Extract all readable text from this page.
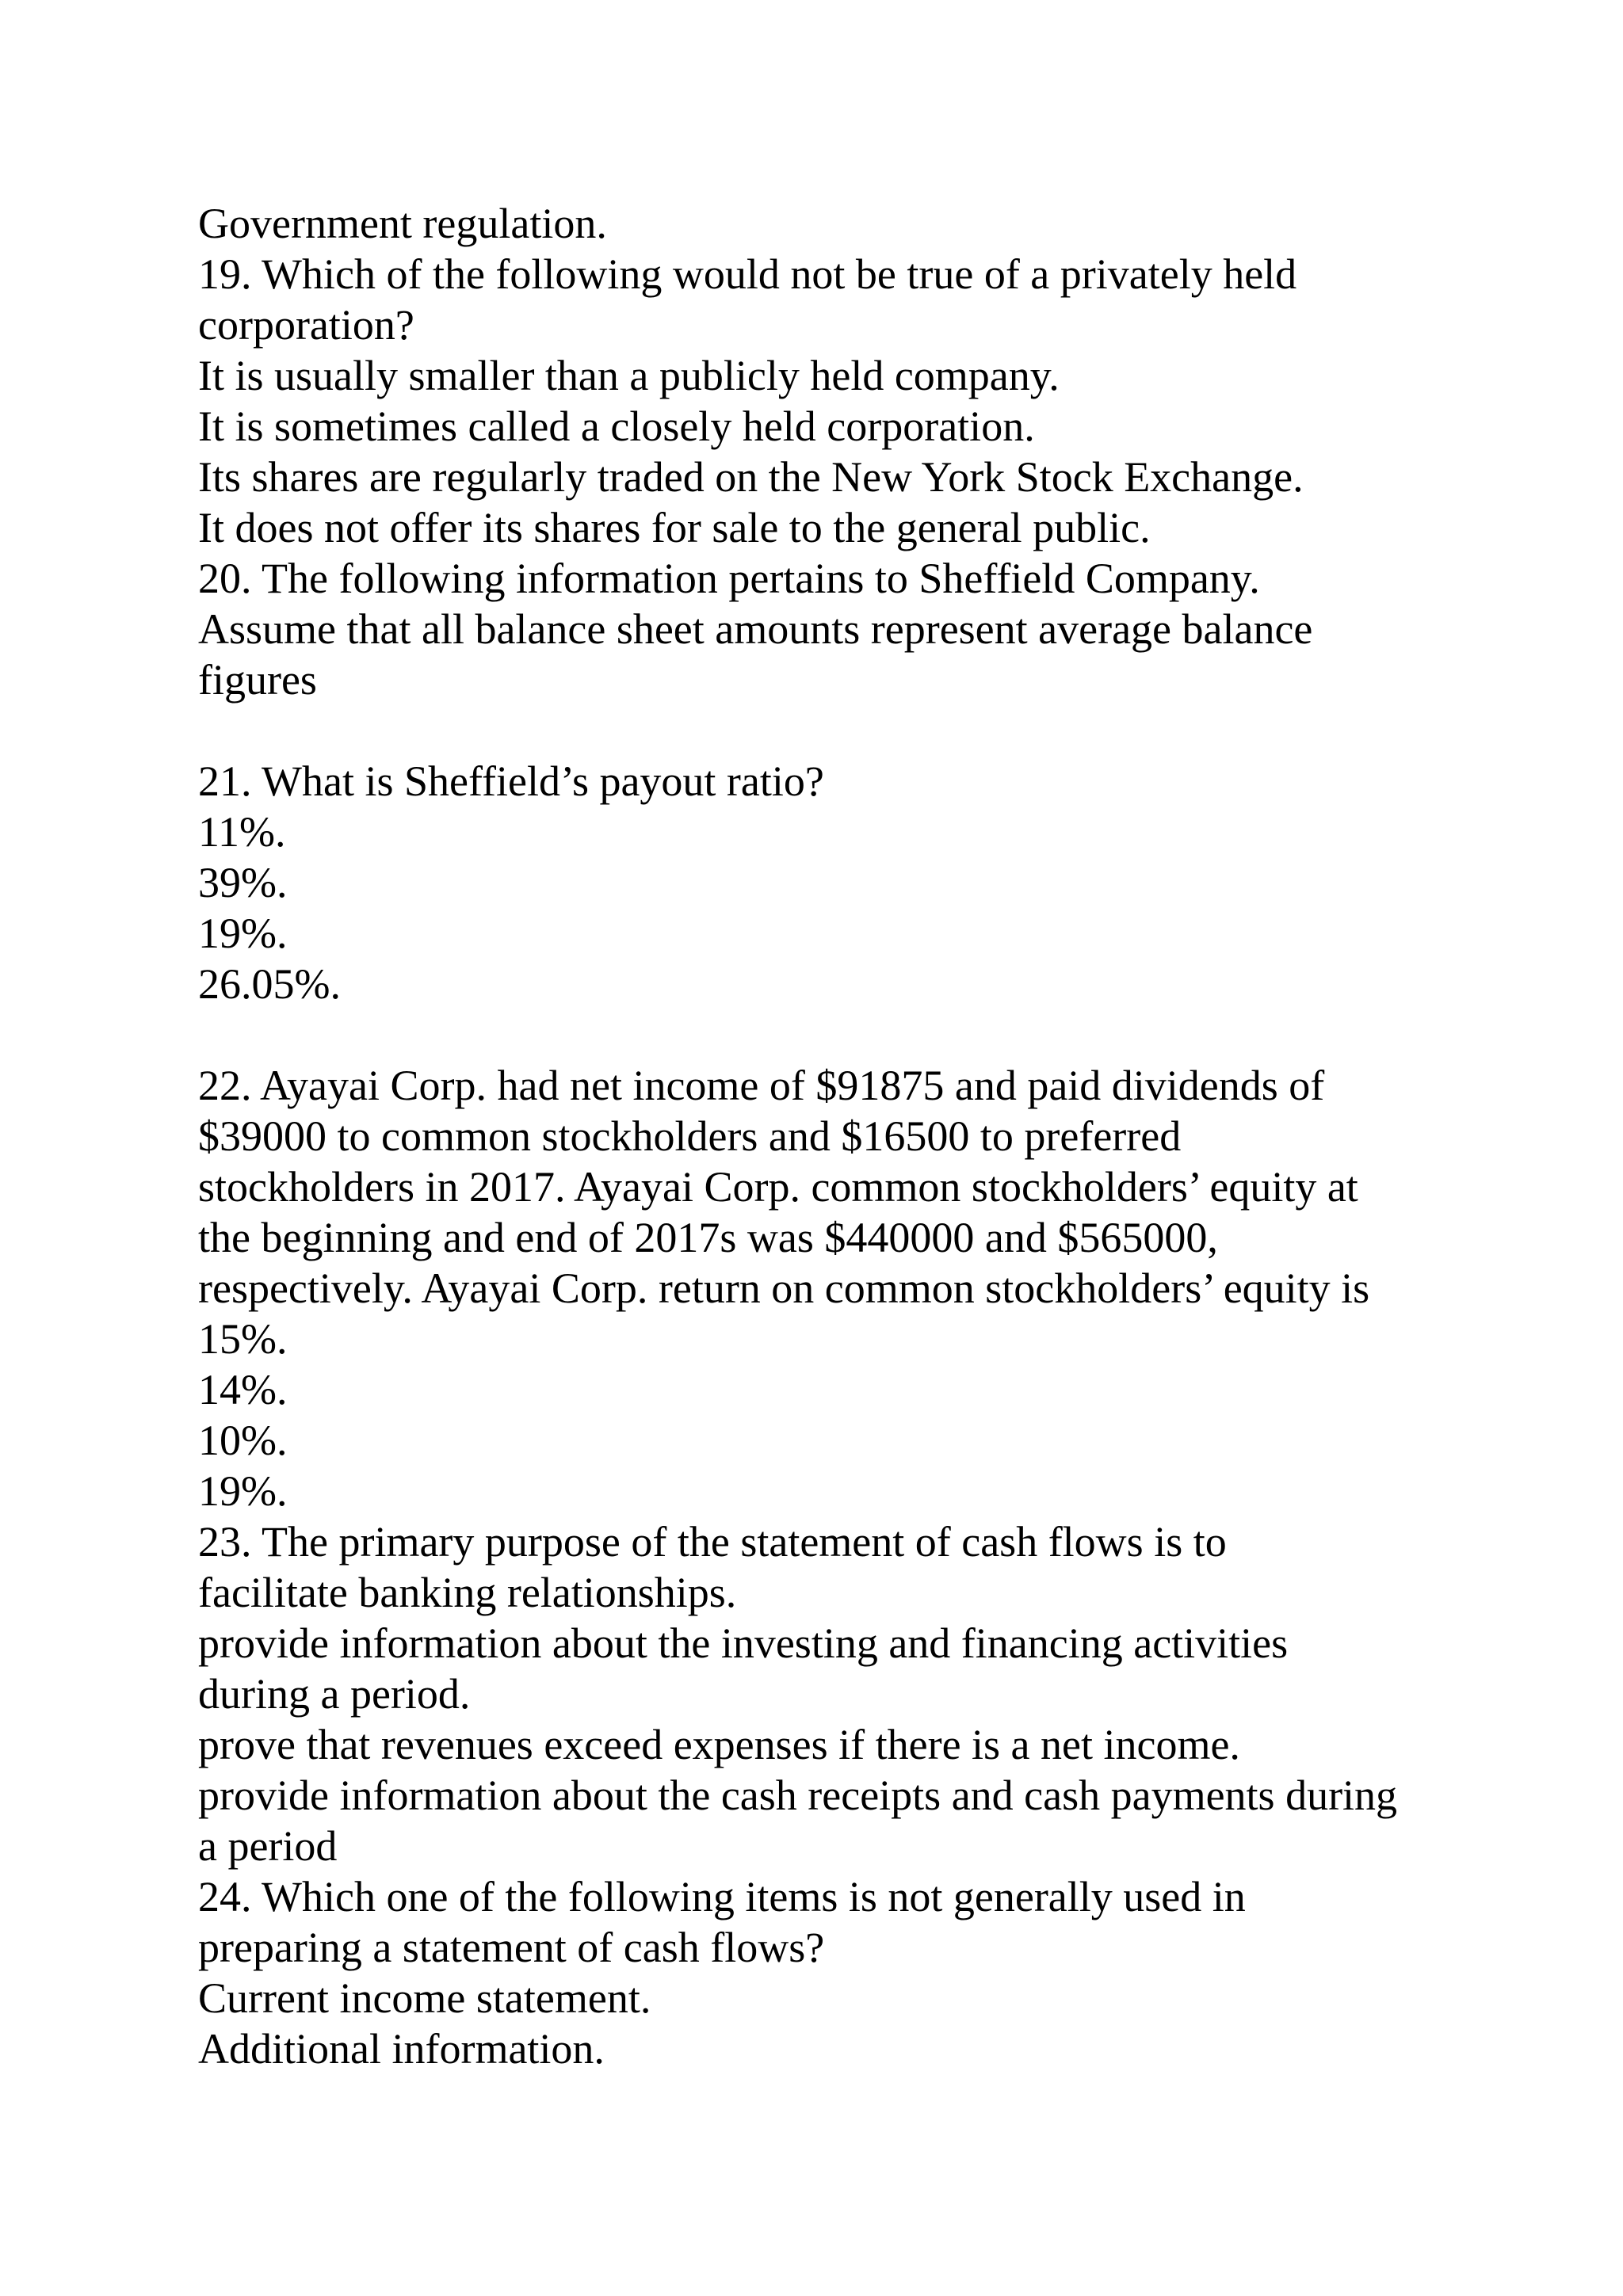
Government regulation.
19. Which of the following would not be true of a privately held
corporation?
It is usually smaller than a publicly held company.
It is sometimes called a closely held corporation.
Its shares are regularly traded on the New York Stock Exchange.
It does not offer its shares for sale to the general public.
20. The following information pertains to Sheffield Company.
Assume that all balance sheet amounts represent average balance
figures
21. What is Sheffield’s payout ratio?
11%.
39%.
19%.
26.05%.
22. Ayayai Corp. had net income of $91875 and paid dividends of
$39000 to common stockholders and $16500 to preferred
stockholders in 2017. Ayayai Corp. common stockholders’ equity at
the beginning and end of 2017s was $440000 and $565000,
respectively. Ayayai Corp. return on common stockholders’ equity is
15%.
14%.
10%.
19%.
23. The primary purpose of the statement of cash flows is to
facilitate banking relationships.
provide information about the investing and financing activities
during a period.
prove that revenues exceed expenses if there is a net income.
provide information about the cash receipts and cash payments during
a period
24. Which one of the following items is not generally used in
preparing a statement of cash flows?
Current income statement.
Additional information.
